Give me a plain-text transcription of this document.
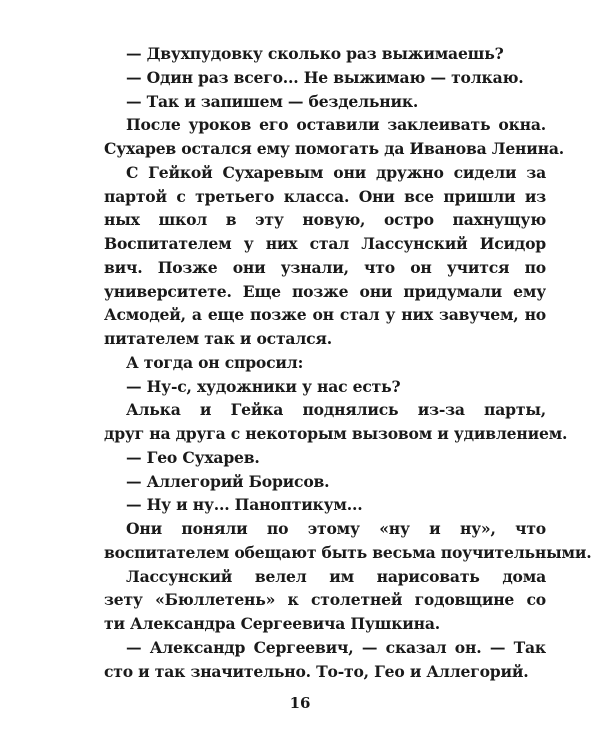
— Двухпудовку сколько раз выжимаешь?
— Один раз всего... Не выжимаю — толкаю.
— Так и запишем — бездельник.
После уроков его оставили заклеивать окна.
Сухарев остался ему помогать да Иванова Ленина.
С Гейкой Сухаревым они дружно сидели за
партой с третьего класса. Они все пришли из
ных школ в эту новую, остро пахнущую
Воспитателем у них стал Лассунский Исидор
вич. Позже они узнали, что он учится по
университете. Еще позже они придумали ему
Асмодей, а еще позже он стал у них завучем, но
питателем так и остался.
А тогда он спросил:
— Ну-с, художники у нас есть?
Алька и Гейка поднялись из-за парты,
друг на друга с некоторым вызовом и удивлением.
— Гео Сухарев.
— Аллегорий Борисов.
— Ну и ну... Паноптикум...
Они поняли по этому «ну и ну», что
воспитателем обещают быть весьма поучительными.
Лассунский велел им нарисовать дома
зету «Бюллетень» к столетней годовщине со
ти Александра Сергеевича Пушкина.
— Александр Сергеевич, — сказал он. — Так
сто и так значительно. То-то, Гео и Аллегорий.
16
